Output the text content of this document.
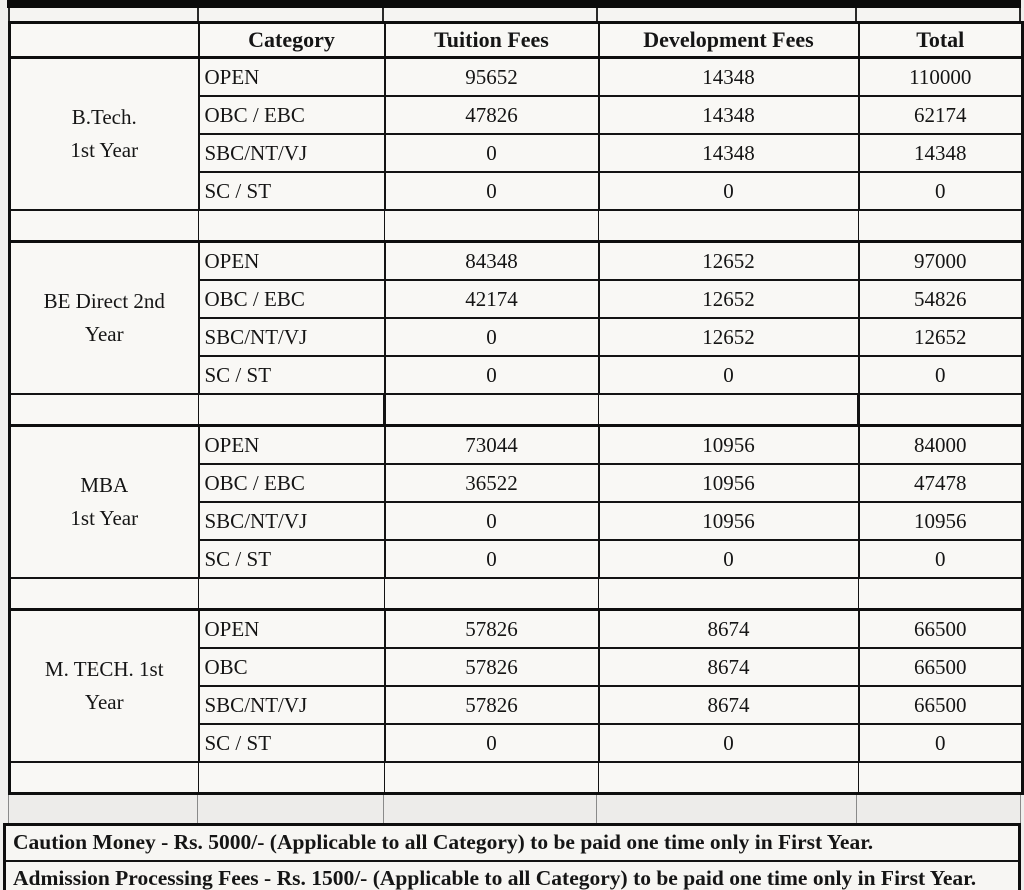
	Category	Tuition Fees	Development Fees	Total

B.Tech.
1st Year	OPEN	95652	14348	110000
	OBC / EBC	47826	14348	62174
	SBC/NT/VJ	0	14348	14348
	SC / ST	0	0	0

BE Direct 2nd
Year	OPEN	84348	12652	97000
	OBC / EBC	42174	12652	54826
	SBC/NT/VJ	0	12652	12652
	SC / ST	0	0	0

MBA
1st Year	OPEN	73044	10956	84000
	OBC / EBC	36522	10956	47478
	SBC/NT/VJ	0	10956	10956
	SC / ST	0	0	0

M. TECH. 1st
Year	OPEN	57826	8674	66500
	OBC	57826	8674	66500
	SBC/NT/VJ	57826	8674	66500
	SC / ST	0	0	0

Caution Money - Rs. 5000/- (Applicable to all Category) to be paid one time only in First Year.
Admission Processing Fees - Rs. 1500/- (Applicable to all Category) to be paid one time only in First Year.
